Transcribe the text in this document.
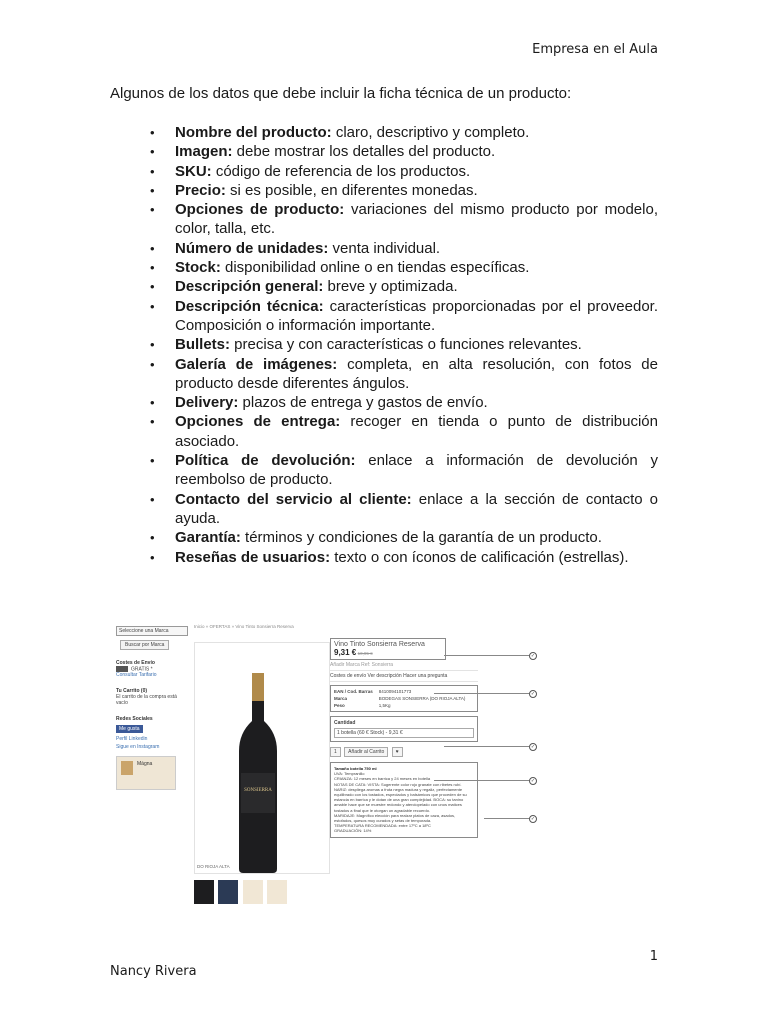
Empresa en el Aula
Algunos de los datos que debe incluir la ficha técnica de un producto:
• Nombre del producto: claro, descriptivo y completo.
• Imagen: debe mostrar los detalles del producto.
• SKU: código de referencia de los productos.
• Precio: si es posible, en diferentes monedas.
• Opciones de producto: variaciones del mismo producto por modelo, color, talla, etc.
• Número de unidades: venta individual.
• Stock: disponibilidad online o en tiendas específicas.
• Descripción general: breve y optimizada.
• Descripción técnica: características proporcionadas por el proveedor. Composición o información importante.
• Bullets: precisa y con características o funciones relevantes.
• Galería de imágenes: completa, en alta resolución, con fotos de producto desde diferentes ángulos.
• Delivery: plazos de entrega y gastos de envío.
• Opciones de entrega: recoger en tienda o punto de distribución asociado.
• Política de devolución: enlace a información de devolución y reembolso de producto.
• Contacto del servicio al cliente: enlace a la sección de contacto o ayuda.
• Garantía: términos y condiciones de la garantía de un producto.
• Reseñas de usuarios: texto o con íconos de calificación (estrellas).
Seleccione una Marca
Buscar por Marca
Costes de Envío
GRATIS *
Consultar Tarifario
Tu Carrito (0)
El carrito de la compra está vacío
Redes Sociales
Me gusta
Perfil Linkedin
Sigue en Instagram
Mágna
Inicio » OFERTAS » Vino Tinto Sonsierra Reserva
SONSIERRA
DO RIOJA ALTA

Vino Tinto Sonsierra Reserva
9,31 € 10,95 €
Añadir Marca Ref: Sonsierra
Costes de envío Ver descripción Hacer una pregunta
EAN / Cod. Barras	8410094101773
Marca	BODEGAS SONSIERRA (DO RIOJA ALTA)
Peso	1,5Kg
Cantidad
1 botella (60 € Stock) - 9,31 €
1 Añadir al Carrito ♥
Tamaño botella 750 ml
UVA: Tempranillo
CRIANZA: 12 meses en barrica y 24 meses en botella
NOTAS DE CATA: VISTA: Sugerente color rojo granate con ribetes rubí. NARIZ: despliega aromas a fruta negra madura y regaliz, perfectamente equilibrado con los tostados, especiados y balsámicos que proceden de su estancia en barrica y le dotan de una gran complejidad. BOCA: su tanino amable hace que se muestre redondo y aterciopelado con unos matices tostados a final que le otorgan un agradable recuerdo.
MARIDAJE: Magnífico elección para realzar platos de caza, asados, estofados, quesos muy curados y setas de temporada.
TEMPERATURA RECOMENDADA: entre 17ºC a 18ºC
GRADUACIÓN: 14%
✓
✓
✓
✓
✓
1
Nancy Rivera
